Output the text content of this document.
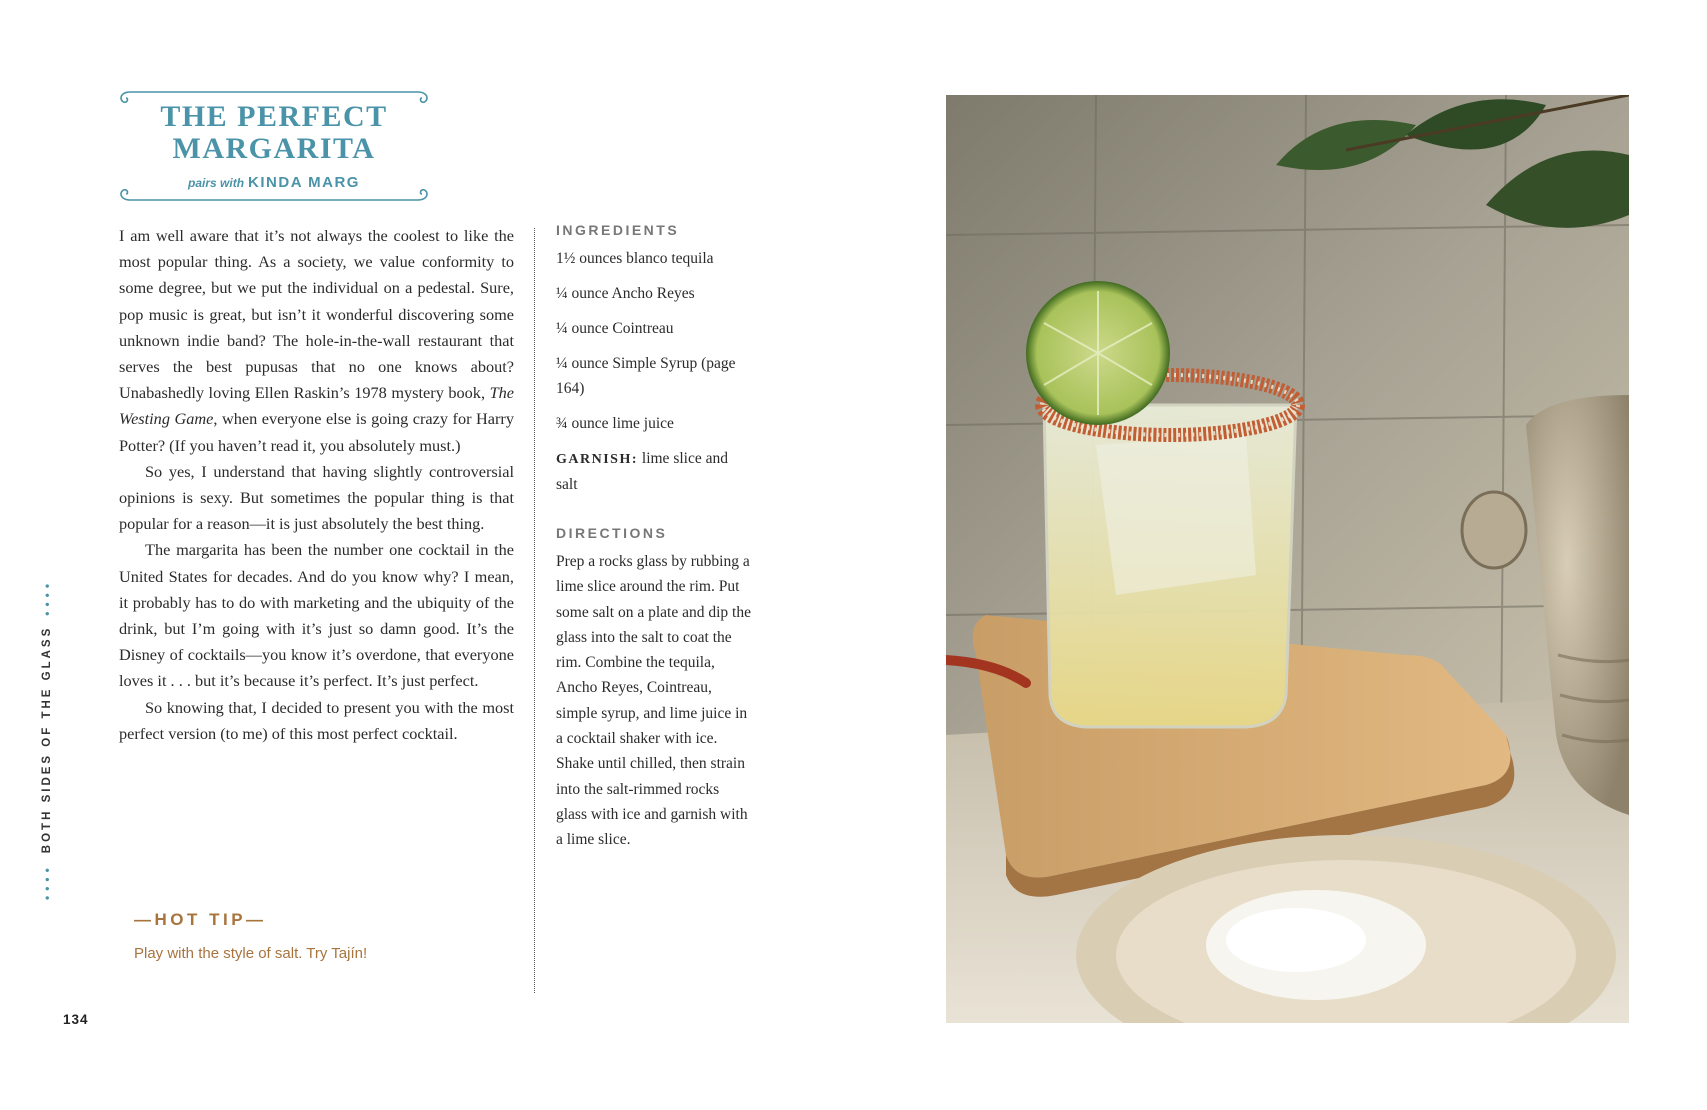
THE PERFECT
MARGARITA
pairs with KINDA MARG

I am well aware that it’s not always the coolest to like the most popular thing. As a society, we value conformity to some degree, but we put the individual on a pedestal. Sure, pop music is great, but isn’t it wonderful discovering some unknown indie band? The hole-in-the-wall restaurant that serves the best pupusas that no one knows about? Unabashedly loving Ellen Raskin’s 1978 mystery book, The Westing Game, when everyone else is going crazy for Harry Potter? (If you haven’t read it, you absolutely must.)

So yes, I understand that having slightly controversial opinions is sexy. But sometimes the popular thing is that popular for a reason—it is just absolutely the best thing.

The margarita has been the number one cocktail in the United States for decades. And do you know why? I mean, it probably has to do with marketing and the ubiquity of the drink, but I’m going with it’s just so damn good. It’s the Disney of cocktails—you know it’s overdone, that everyone loves it . . . but it’s because it’s perfect. It’s just perfect.

So knowing that, I decided to present you with the most perfect version (to me) of this most perfect cocktail.

INGREDIENTS
1½ ounces blanco tequila
¼ ounce Ancho Reyes
¼ ounce Cointreau
¼ ounce Simple Syrup (page 164)
¾ ounce lime juice
GARNISH: lime slice and salt
DIRECTIONS

Prep a rocks glass by rubbing a lime slice around the rim. Put some salt on a plate and dip the glass into the salt to coat the rim. Combine the tequila, Ancho Reyes, Cointreau, simple syrup, and lime juice in a cocktail shaker with ice. Shake until chilled, then strain into the salt-rimmed rocks glass with ice and garnish with a lime slice.

—HOT TIP—
Play with the style of salt. Try Tajín!
••••
BOTH SIDES OF THE GLASS
••••
134
